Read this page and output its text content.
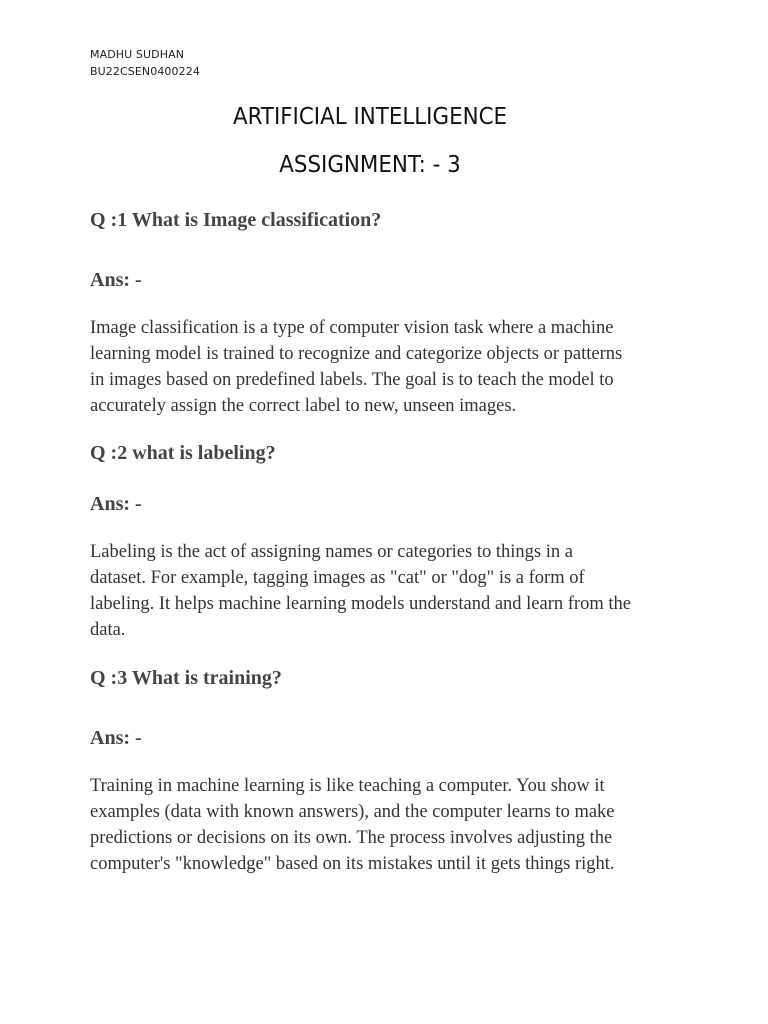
MADHU SUDHAN
BU22CSEN0400224
ARTIFICIAL INTELLIGENCE
ASSIGNMENT: - 3
Q :1 What is Image classification?
Ans: -
Image classification is a type of computer vision task where a machine
learning model is trained to recognize and categorize objects or patterns
in images based on predefined labels. The goal is to teach the model to
accurately assign the correct label to new, unseen images.
Q :2 what is labeling?
Ans: -
Labeling is the act of assigning names or categories to things in a
dataset. For example, tagging images as "cat" or "dog" is a form of
labeling. It helps machine learning models understand and learn from the
data.
Q :3 What is training?
Ans: -
Training in machine learning is like teaching a computer. You show it
examples (data with known answers), and the computer learns to make
predictions or decisions on its own. The process involves adjusting the
computer's "knowledge" based on its mistakes until it gets things right.
